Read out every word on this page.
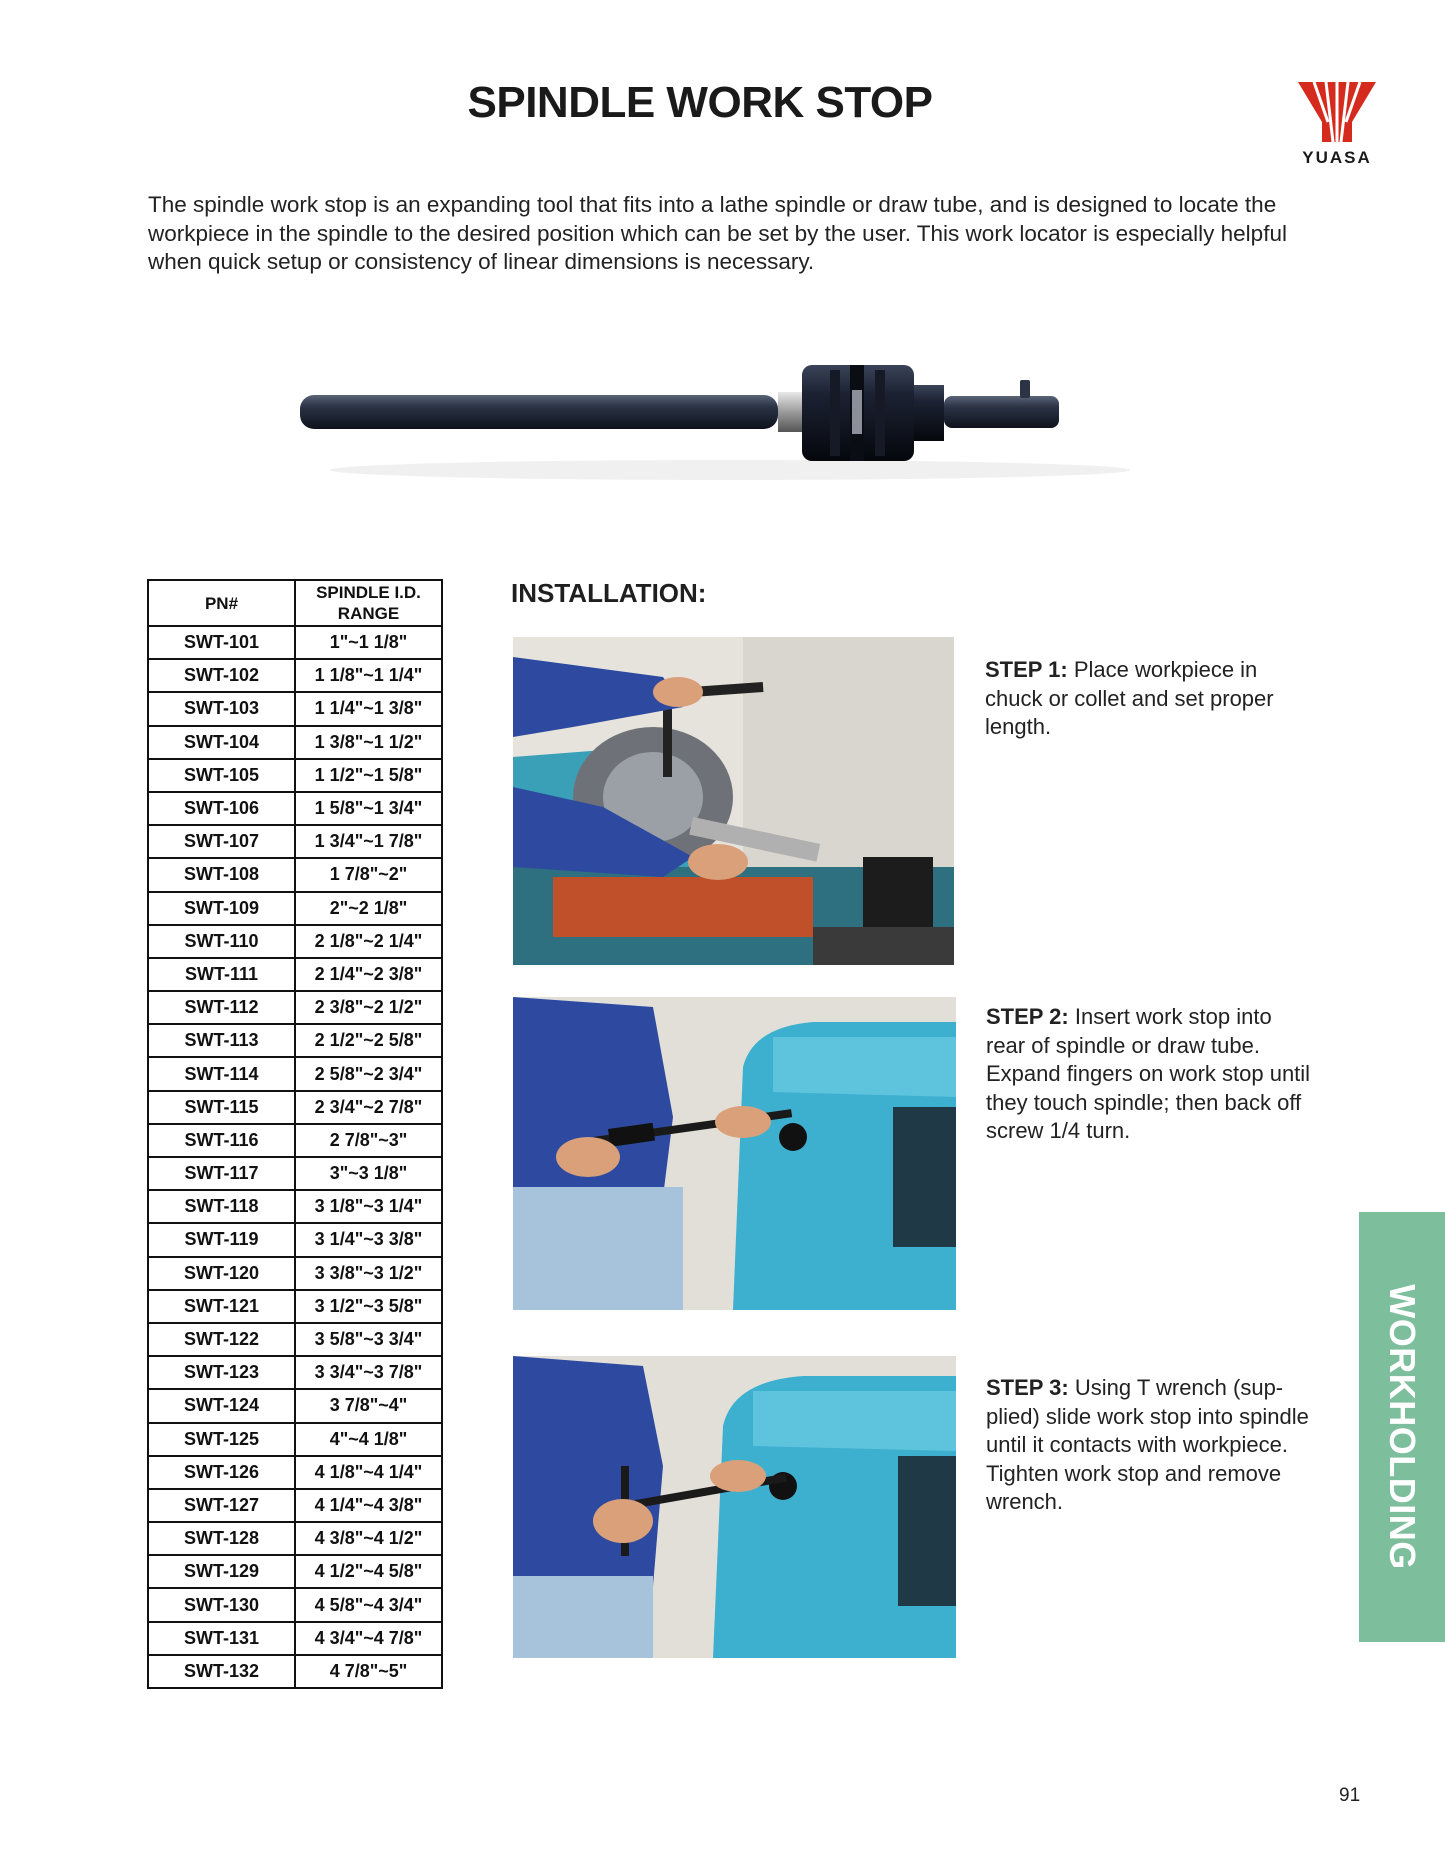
SPINDLE WORK STOP
YUASA
The spindle work stop is an expanding tool that fits into a lathe spindle or draw tube, and is designed to locate the workpiece in the spindle to the desired position which can be set by the user. This work locator is especially helpful when quick setup or consistency of linear dimensions is necessary.
PN#	SPINDLE I.D.
RANGE

SWT-101	1"~1 1/8"
SWT-102	1 1/8"~1 1/4"
SWT-103	1 1/4"~1 3/8"
SWT-104	1 3/8"~1 1/2"
SWT-105	1 1/2"~1 5/8"
SWT-106	1 5/8"~1 3/4"
SWT-107	1 3/4"~1 7/8"
SWT-108	1 7/8"~2"
SWT-109	2"~2 1/8"
SWT-110	2 1/8"~2 1/4"
SWT-111	2 1/4"~2 3/8"
SWT-112	2 3/8"~2 1/2"
SWT-113	2 1/2"~2 5/8"
SWT-114	2 5/8"~2 3/4"
SWT-115	2 3/4"~2 7/8"
SWT-116	2 7/8"~3"
SWT-117	3"~3 1/8"
SWT-118	3 1/8"~3 1/4"
SWT-119	3 1/4"~3 3/8"
SWT-120	3 3/8"~3 1/2"
SWT-121	3 1/2"~3 5/8"
SWT-122	3 5/8"~3 3/4"
SWT-123	3 3/4"~3 7/8"
SWT-124	3 7/8"~4"
SWT-125	4"~4 1/8"
SWT-126	4 1/8"~4 1/4"
SWT-127	4 1/4"~4 3/8"
SWT-128	4 3/8"~4 1/2"
SWT-129	4 1/2"~4 5/8"
SWT-130	4 5/8"~4 3/4"
SWT-131	4 3/4"~4 7/8"
SWT-132	4 7/8"~5"
INSTALLATION:
STEP 1: Place workpiece in chuck or collet and set proper length.
STEP 2: Insert work stop into rear of spindle or draw tube. Expand fingers on work stop until they touch spindle; then back off screw 1/4 turn.
STEP 3: Using T wrench (sup-plied) slide work stop into spindle until it contacts with workpiece. Tighten work stop and remove wrench.	WORKHOLDING
91
